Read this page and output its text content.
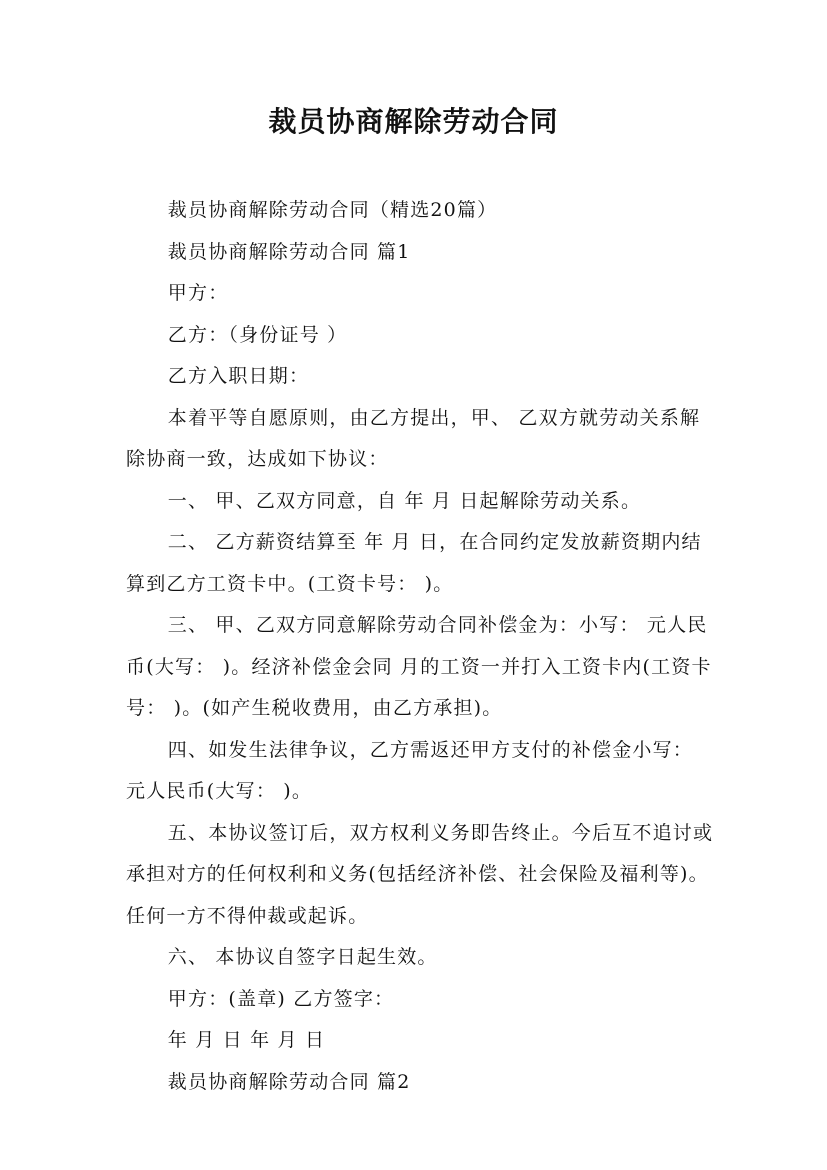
裁员协商解除劳动合同

裁员协商解除劳动合同（精选20篇）

裁员协商解除劳动合同 篇1

甲方：

乙方：（身份证号 ）

乙方入职日期：

本着平等自愿原则，由乙方提出，甲、 乙双方就劳动关系解除协商一致，达成如下协议：

一、 甲、乙双方同意，自 年 月 日起解除劳动关系。

二、 乙方薪资结算至 年 月 日，在合同约定发放薪资期内结算到乙方工资卡中。(工资卡号： )。

三、 甲、乙双方同意解除劳动合同补偿金为：小写： 元人民币(大写： )。经济补偿金会同 月的工资一并打入工资卡内(工资卡号： )。(如产生税收费用，由乙方承担)。

四、如发生法律争议，乙方需返还甲方支付的补偿金小写： 元人民币(大写： )。

五、本协议签订后，双方权利义务即告终止。今后互不追讨或承担对方的任何权利和义务(包括经济补偿、社会保险及福利等)。任何一方不得仲裁或起诉。

六、 本协议自签字日起生效。

甲方：(盖章) 乙方签字：

年 月 日 年 月 日

裁员协商解除劳动合同 篇2
